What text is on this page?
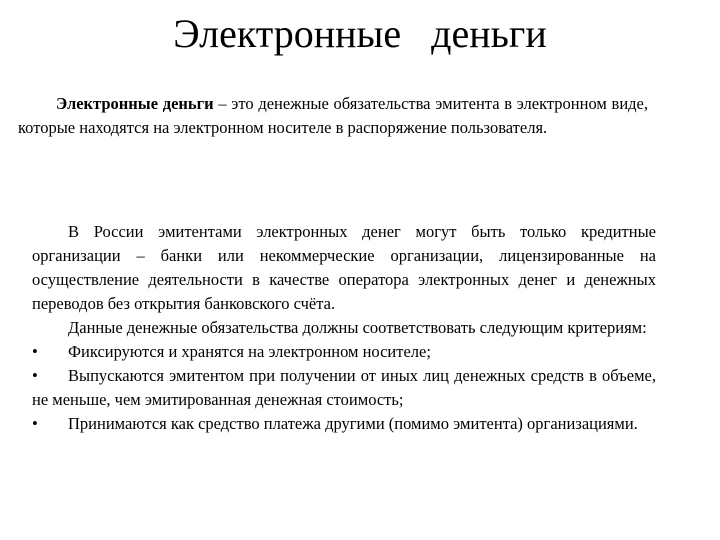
Электронные   деньги
Электронные деньги – это денежные обязательства эмитента в электронном виде, которые находятся на электронном носителе в распоряжение пользователя.

В России эмитентами электронных денег могут быть только кредитные организации – банки или некоммерческие организации, лицензированные на осуществление деятельности в качестве оператора электронных денег и денежных переводов без открытия банковского счёта.

Данные денежные обязательства должны соответствовать следующим критериям:

•	Фиксируются и хранятся на электронном носителе;

•	Выпускаются эмитентом при получении от иных лиц денежных средств в объеме, не меньше, чем эмитированная денежная стоимость;

•	Принимаются как средство платежа другими (помимо эмитента) организациями.
